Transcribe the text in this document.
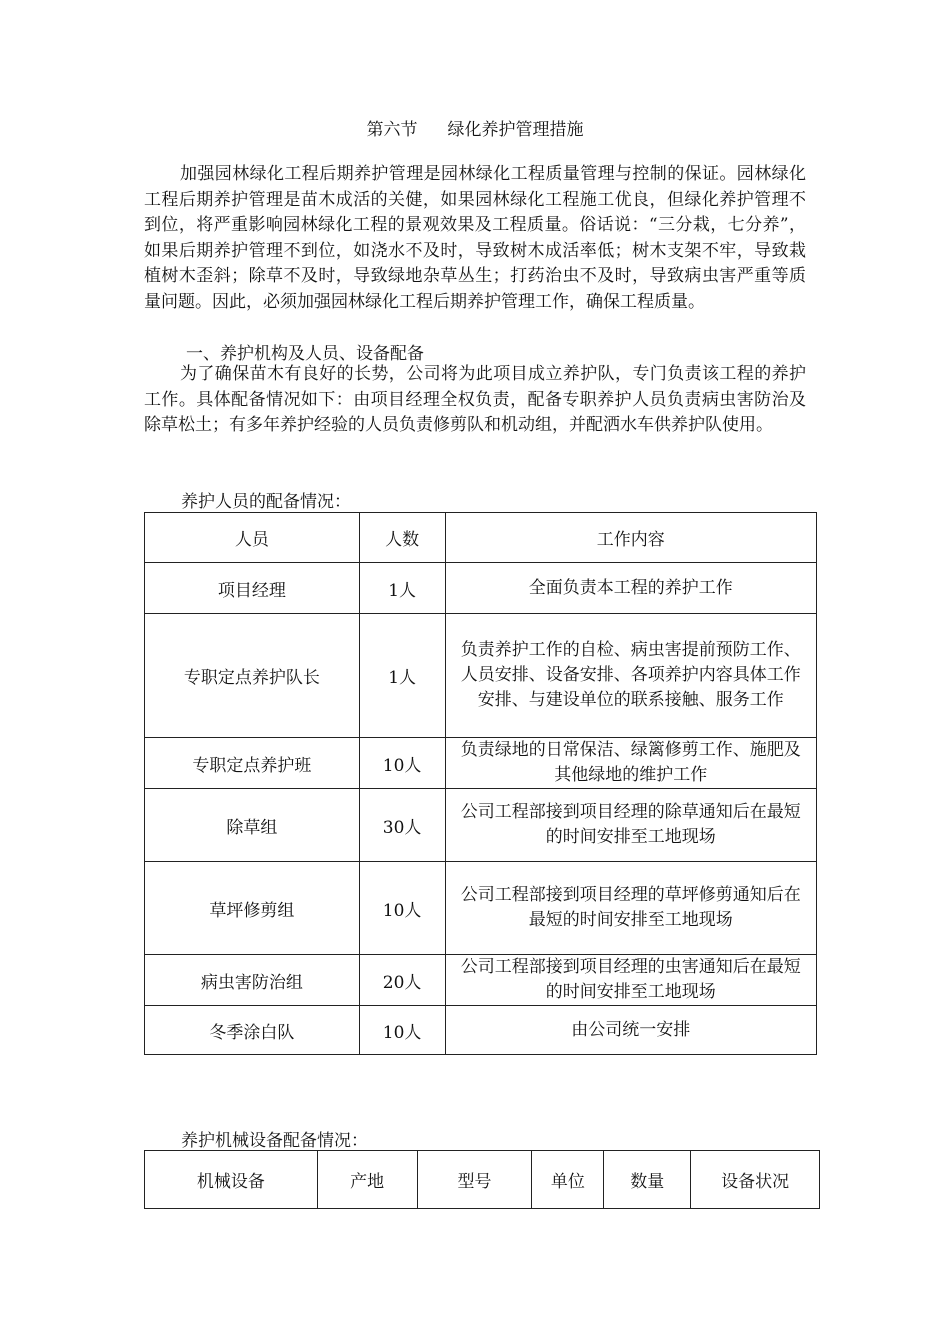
第六节 绿化养护管理措施

加强园林绿化工程后期养护管理是园林绿化工程质量管理与控制的保证。园林绿化工程后期养护管理是苗木成活的关健，如果园林绿化工程施工优良，但绿化养护管理不到位，将严重影响园林绿化工程的景观效果及工程质量。俗话说：“三分栽，七分养”，如果后期养护管理不到位，如浇水不及时，导致树木成活率低；树木支架不牢，导致栽植树木歪斜；除草不及时，导致绿地杂草丛生；打药治虫不及时，导致病虫害严重等质量问题。因此，必须加强园林绿化工程后期养护管理工作，确保工程质量。

一、养护机构及人员、设备配备

为了确保苗木有良好的长势，公司将为此项目成立养护队，专门负责该工程的养护工作。具体配备情况如下：由项目经理全权负责，配备专职养护人员负责病虫害防治及除草松土；有多年养护经验的人员负责修剪队和机动组，并配洒水车供养护队使用。

养护人员的配备情况：
人员	人数	工作内容
项目经理	1人	全面负责本工程的养护工作
专职定点养护队长	1人	负责养护工作的自检、病虫害提前预防工作、人员安排、设备安排、各项养护内容具体工作安排、与建设单位的联系接触、服务工作
专职定点养护班	10人	负责绿地的日常保洁、绿篱修剪工作、施肥及其他绿地的维护工作
除草组	30人	公司工程部接到项目经理的除草通知后在最短的时间安排至工地现场
草坪修剪组	10人	公司工程部接到项目经理的草坪修剪通知后在最短的时间安排至工地现场
病虫害防治组	20人	公司工程部接到项目经理的虫害通知后在最短的时间安排至工地现场
冬季涂白队	10人	由公司统一安排
养护机械设备配备情况：
机械设备	产地	型号	单位	数量	设备状况
